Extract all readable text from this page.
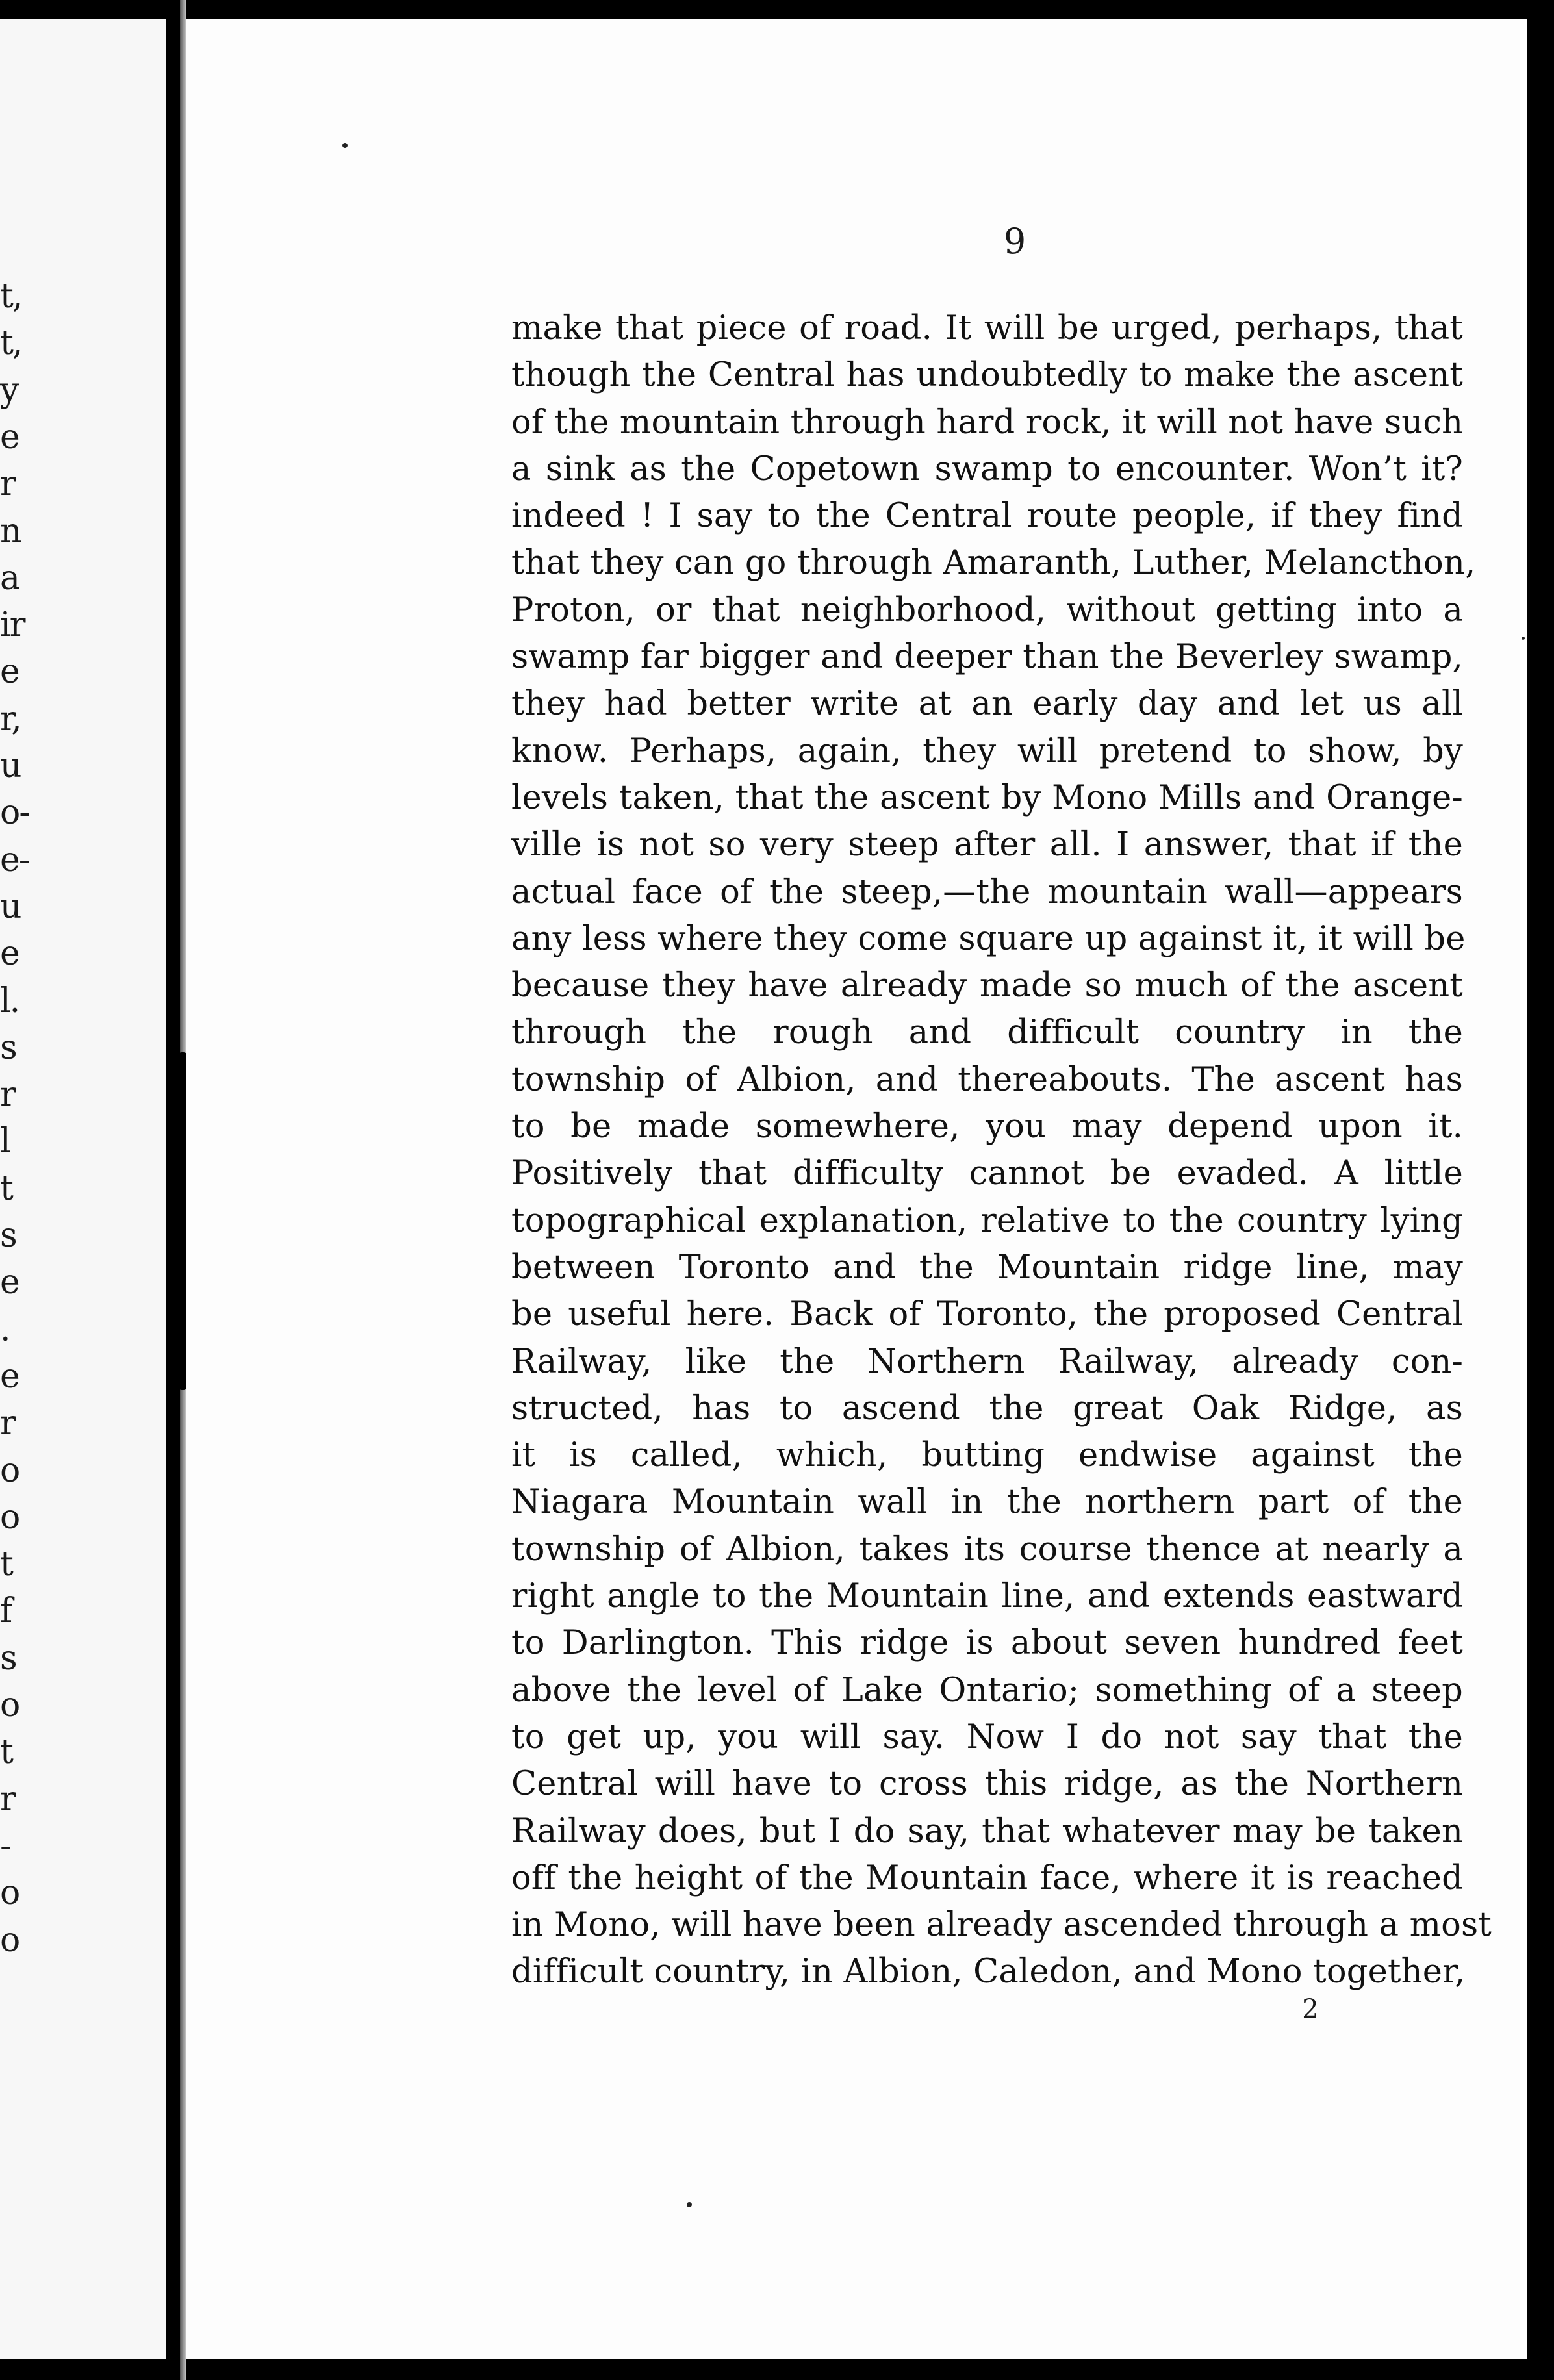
t,
t,
y
e
r
n
a
ir
e
r,
u
o-
e-
u
e
l.
s
r
l
t
s
e
.
e
r
o
o
t
f
s
o
t
r
-
o
o
9
make that piece of road. It will be urged, perhaps, that
though the Central has undoubtedly to make the ascent
of the mountain through hard rock, it will not have such
a sink as the Copetown swamp to encounter. Won’t it?
indeed ! I say to the Central route people, if they find
that they can go through Amaranth, Luther, Melancthon,
Proton, or that neighborhood, without getting into a
swamp far bigger and deeper than the Beverley swamp,
they had better write at an early day and let us all
know. Perhaps, again, they will pretend to show, by
levels taken, that the ascent by Mono Mills and Orange-
ville is not so very steep after all. I answer, that if the
actual face of the steep,—the mountain wall—appears
any less where they come square up against it, it will be
because they have already made so much of the ascent
through the rough and difficult country in the
township of Albion, and thereabouts. The ascent has
to be made somewhere, you may depend upon it.
Positively that difficulty cannot be evaded. A little
topographical explanation, relative to the country lying
between Toronto and the Mountain ridge line, may
be useful here. Back of Toronto, the proposed Central
Railway, like the Northern Railway, already con-
structed, has to ascend the great Oak Ridge, as
it is called, which, butting endwise against the
Niagara Mountain wall in the northern part of the
township of Albion, takes its course thence at nearly a
right angle to the Mountain line, and extends eastward
to Darlington. This ridge is about seven hundred feet
above the level of Lake Ontario; something of a steep
to get up, you will say. Now I do not say that the
Central will have to cross this ridge, as the Northern
Railway does, but I do say, that whatever may be taken
off the height of the Mountain face, where it is reached
in Mono, will have been already ascended through a most
difficult country, in Albion, Caledon, and Mono together,
2
